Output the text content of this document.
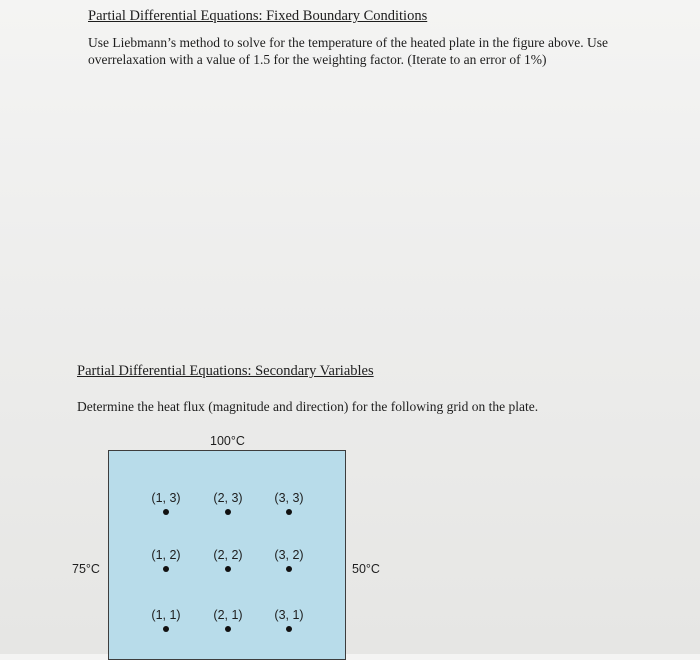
Partial Differential Equations: Fixed Boundary Conditions
Use Liebmann’s method to solve for the temperature of the heated plate in the figure above. Use overrelaxation with a value of 1.5 for the weighting factor. (Iterate to an error of 1%)
Partial Differential Equations: Secondary Variables
Determine the heat flux (magnitude and direction) for the following grid on the plate.
100°C
75°C	50°C
(1, 3)	(2, 3)	(3, 3)
(1, 2)	(2, 2)	(3, 2)
(1, 1)	(2, 1)	(3, 1)
